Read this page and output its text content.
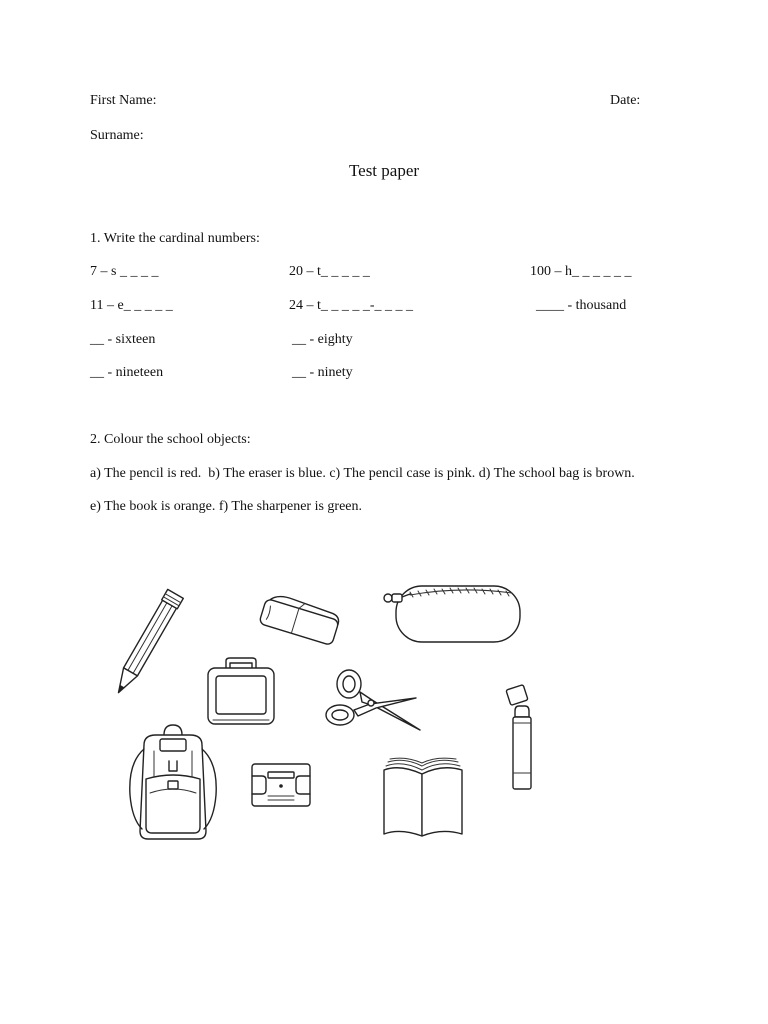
First Name:	Date:
Surname:
Test paper
1. Write the cardinal numbers:
7 – s _ _ _ _	20 – t_ _ _ _ _	100 – h_ _ _ _ _ _
11 – e_ _ _ _ _	24 – t_ _ _ _ _-_ _ _ _	____ - thousand
__ - sixteen	__ - eighty
__ - nineteen	__ - ninety
2. Colour the school objects:
a) The pencil is red.  b) The eraser is blue. c) The pencil case is pink. d) The school bag is brown.
e) The book is orange. f) The sharpener is green.
